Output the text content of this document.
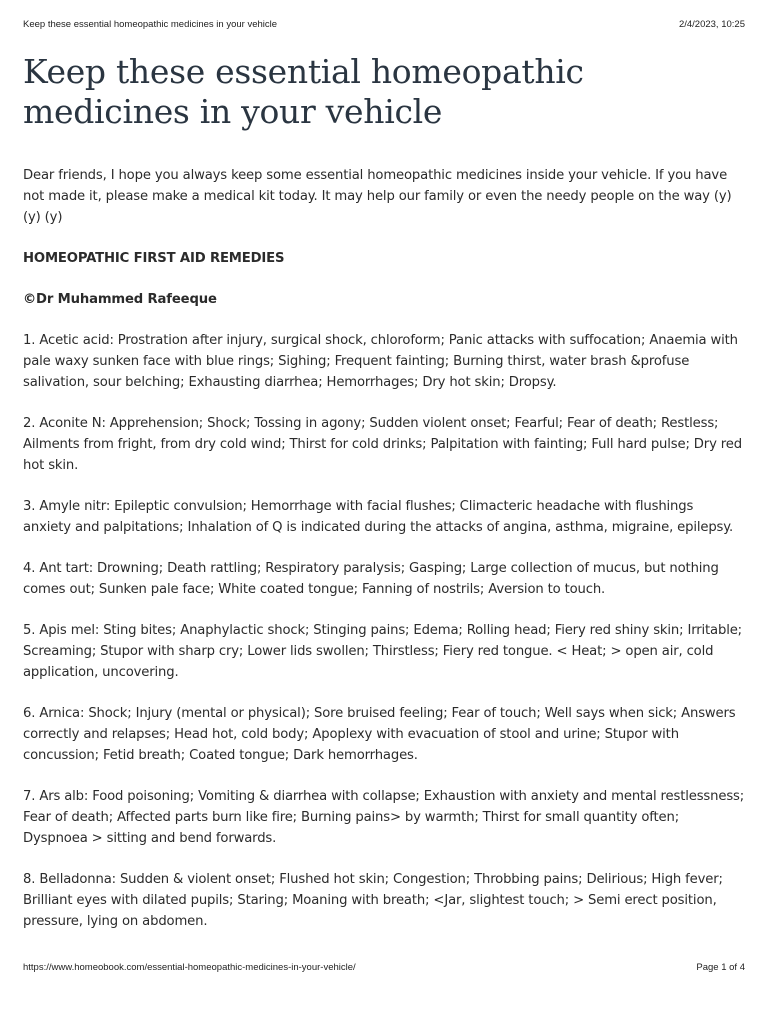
Keep these essential homeopathic medicines in your vehicle	2/4/2023, 10:25
Keep these essential homeopathic medicines in your vehicle

Dear friends, I hope you always keep some essential homeopathic medicines inside your vehicle. If you have not made it, please make a medical kit today. It may help our family or even the needy people on the way (y) (y) (y)

HOMEOPATHIC FIRST AID REMEDIES

©Dr Muhammed Rafeeque

1. Acetic acid: Prostration after injury, surgical shock, chloroform; Panic attacks with suffocation; Anaemia with pale waxy sunken face with blue rings; Sighing; Frequent fainting; Burning thirst, water brash &profuse salivation, sour belching; Exhausting diarrhea; Hemorrhages; Dry hot skin; Dropsy.

2. Aconite N: Apprehension; Shock; Tossing in agony; Sudden violent onset; Fearful; Fear of death; Restless; Ailments from fright, from dry cold wind; Thirst for cold drinks; Palpitation with fainting; Full hard pulse; Dry red hot skin.

3. Amyle nitr: Epileptic convulsion; Hemorrhage with facial flushes; Climacteric headache with flushings anxiety and palpitations; Inhalation of Q is indicated during the attacks of angina, asthma, migraine, epilepsy.

4. Ant tart: Drowning; Death rattling; Respiratory paralysis; Gasping; Large collection of mucus, but nothing comes out; Sunken pale face; White coated tongue; Fanning of nostrils; Aversion to touch.

5. Apis mel: Sting bites; Anaphylactic shock; Stinging pains; Edema; Rolling head; Fiery red shiny skin; Irritable; Screaming; Stupor with sharp cry; Lower lids swollen; Thirstless; Fiery red tongue. < Heat; > open air, cold application, uncovering.

6. Arnica: Shock; Injury (mental or physical); Sore bruised feeling; Fear of touch; Well says when sick; Answers correctly and relapses; Head hot, cold body; Apoplexy with evacuation of stool and urine; Stupor with concussion; Fetid breath; Coated tongue; Dark hemorrhages.

7. Ars alb: Food poisoning; Vomiting & diarrhea with collapse; Exhaustion with anxiety and mental restlessness; Fear of death; Affected parts burn like fire; Burning pains> by warmth; Thirst for small quantity often; Dyspnoea > sitting and bend forwards.

8. Belladonna: Sudden & violent onset; Flushed hot skin; Congestion; Throbbing pains; Delirious; High fever; Brilliant eyes with dilated pupils; Staring; Moaning with breath; <Jar, slightest touch; > Semi erect position, pressure, lying on abdomen.

https://www.homeobook.com/essential-homeopathic-medicines-in-your-vehicle/	Page 1 of 4
